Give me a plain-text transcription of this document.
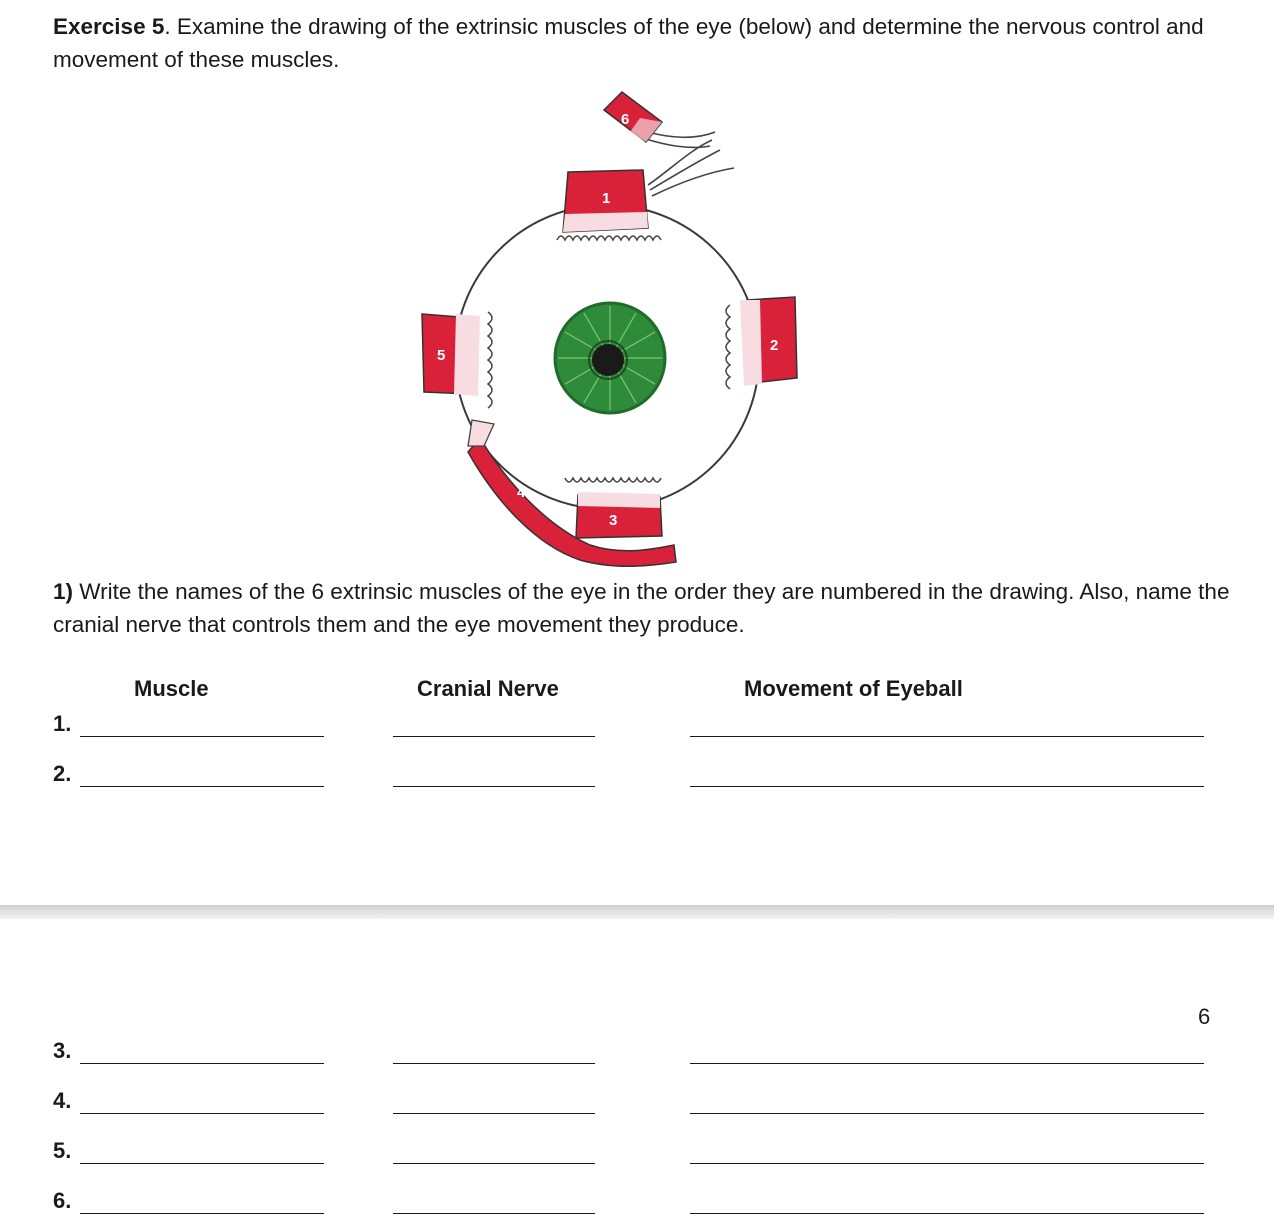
Exercise 5. Examine the drawing of the extrinsic muscles of the eye (below) and determine the nervous control and movement of these muscles.
6
1
2
3
4
5
1) Write the names of the 6 extrinsic muscles of the eye in the order they are numbered in the drawing. Also, name the cranial nerve that controls them and the eye movement they produce.
Muscle	Cranial Nerve	Movement of Eyeball
1.
2.
6
3.
4.
5.
6.
